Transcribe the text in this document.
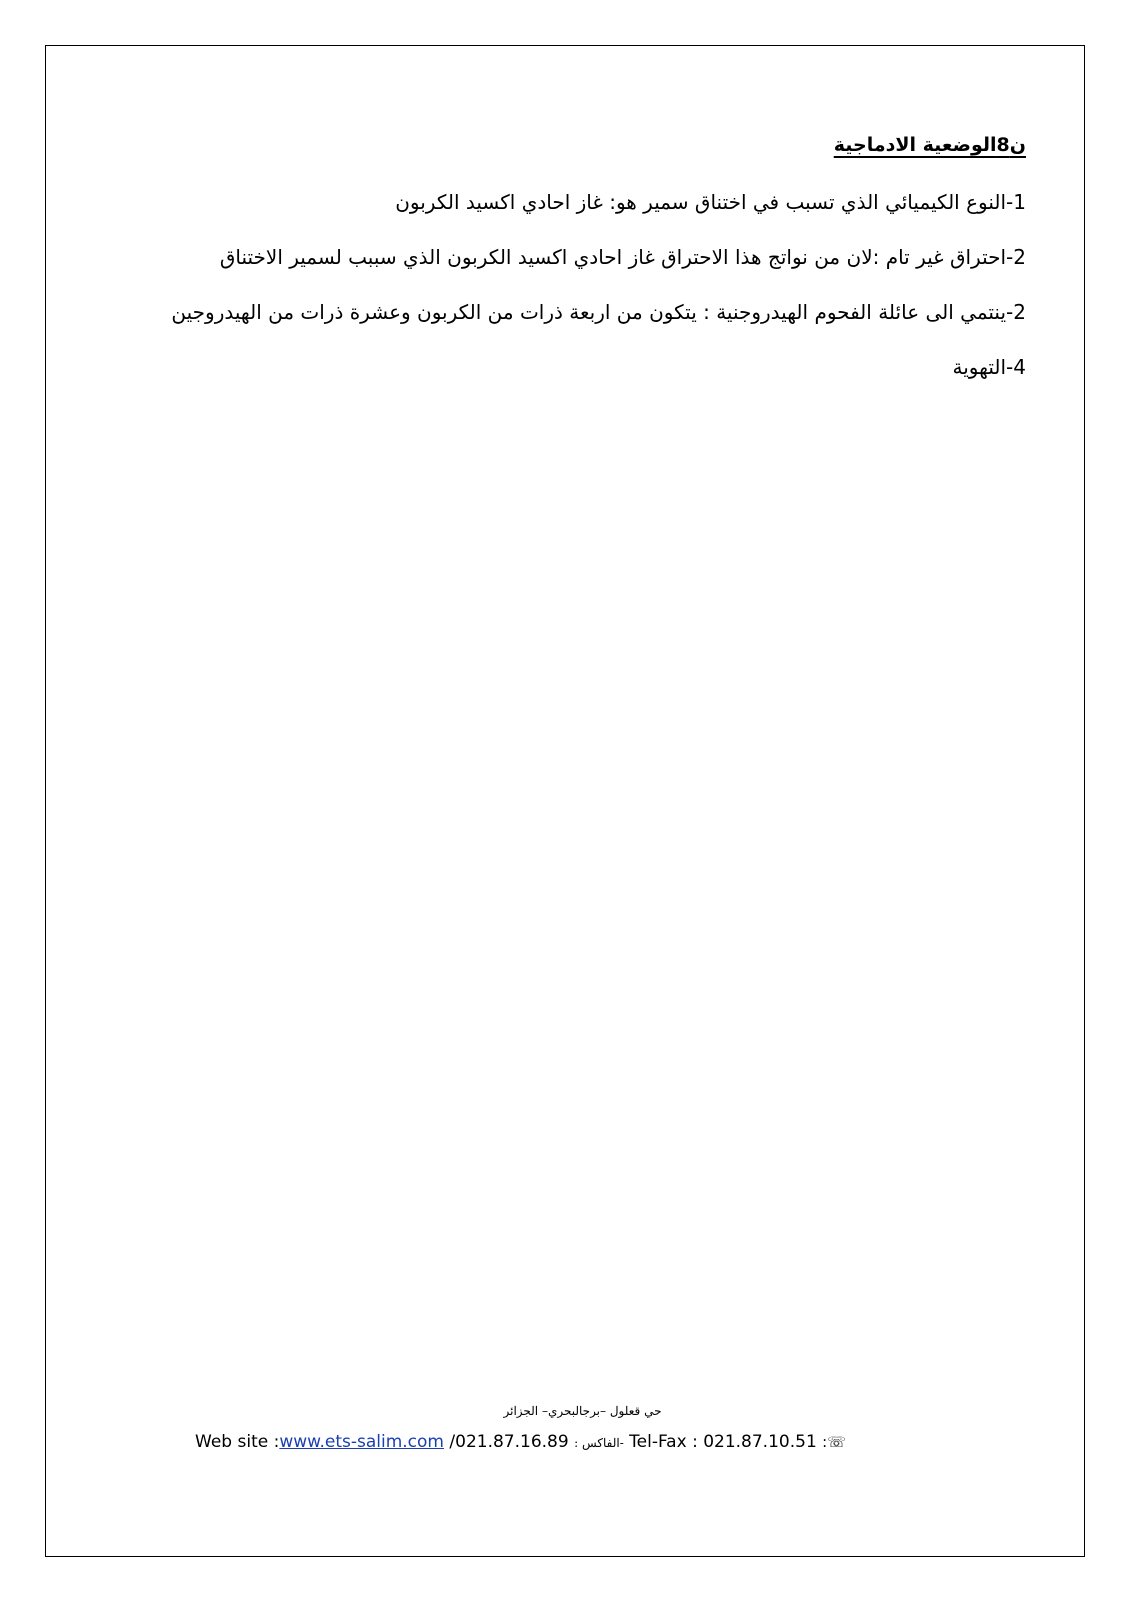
ن8الوضعية الادماجية

1-النوع الكيميائي الذي تسبب في اختناق سمير هو: غاز احادي اكسيد الكربون

2-احتراق غير تام :لان من نواتج هذا الاحتراق غاز احادي اكسيد الكربون الذي سببب لسمير الاختناق

2-ينتمي الى عائلة الفحوم الهيدروجنية : يتكون من اربعة ذرات من الكربون وعشرة ذرات من الهيدروجين

4-التهوية

حي قعلول –برجالبحري– الجزائر
Web site :www.ets-salim.com /021.87.16.89 -الفاكس : Tel-Fax : 021.87.10.51 :☏
